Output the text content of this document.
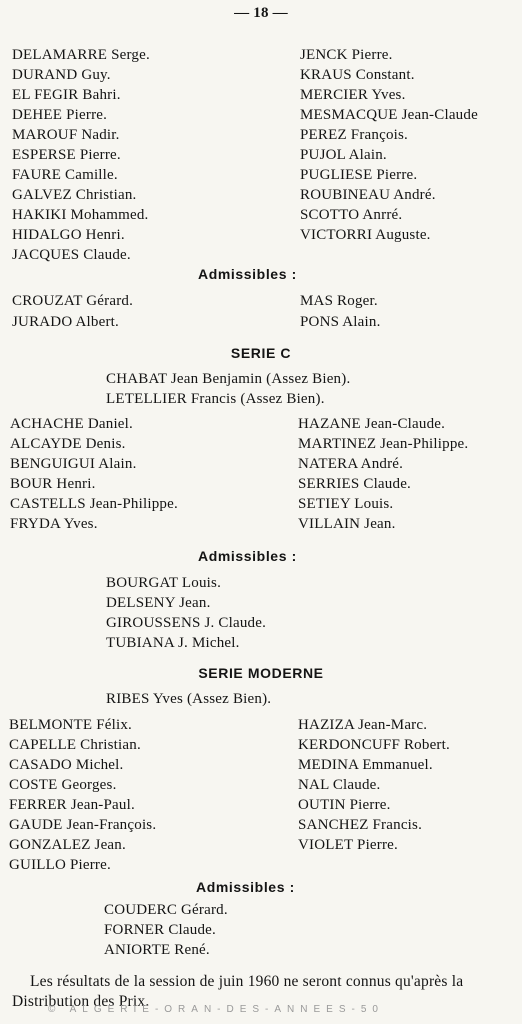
— 18 —
DELAMARRE Serge.
DURAND Guy.
EL FEGIR Bahri.
DEHEE Pierre.
MAROUF Nadir.
ESPERSE Pierre.
FAURE Camille.
GALVEZ Christian.
HAKIKI Mohammed.
HIDALGO Henri.
JACQUES Claude.
JENCK Pierre.
KRAUS Constant.
MERCIER Yves.
MESMACQUE Jean-Claude
PEREZ François.
PUJOL Alain.
PUGLIESE Pierre.
ROUBINEAU André.
SCOTTO Anrré.
VICTORRI Auguste.
Admissibles :
CROUZAT Gérard.
JURADO Albert.
MAS Roger.
PONS Alain.
SERIE C
CHABAT Jean Benjamin (Assez Bien).
LETELLIER Francis (Assez Bien).
ACHACHE Daniel.
ALCAYDE Denis.
BENGUIGUI Alain.
BOUR Henri.
CASTELLS Jean-Philippe.
FRYDA Yves.
HAZANE Jean-Claude.
MARTINEZ Jean-Philippe.
NATERA André.
SERRIES Claude.
SETIEY Louis.
VILLAIN Jean.
Admissibles :
BOURGAT Louis.
DELSENY Jean.
GIROUSSENS J. Claude.
TUBIANA J. Michel.
SERIE MODERNE
RIBES Yves (Assez Bien).
BELMONTE Félix.
CAPELLE Christian.
CASADO Michel.
COSTE Georges.
FERRER Jean-Paul.
GAUDE Jean-François.
GONZALEZ Jean.
GUILLO Pierre.
HAZIZA Jean-Marc.
KERDONCUFF Robert.
MEDINA Emmanuel.
NAL Claude.
OUTIN Pierre.
SANCHEZ Francis.
VIOLET Pierre.
Admissibles :
COUDERC Gérard.
FORNER Claude.
ANIORTE René.
Les résultats de la session de juin 1960 ne seront connus qu'après la Distribution des Prix.
© ALGERIE-ORAN-DES-ANNEES-50
